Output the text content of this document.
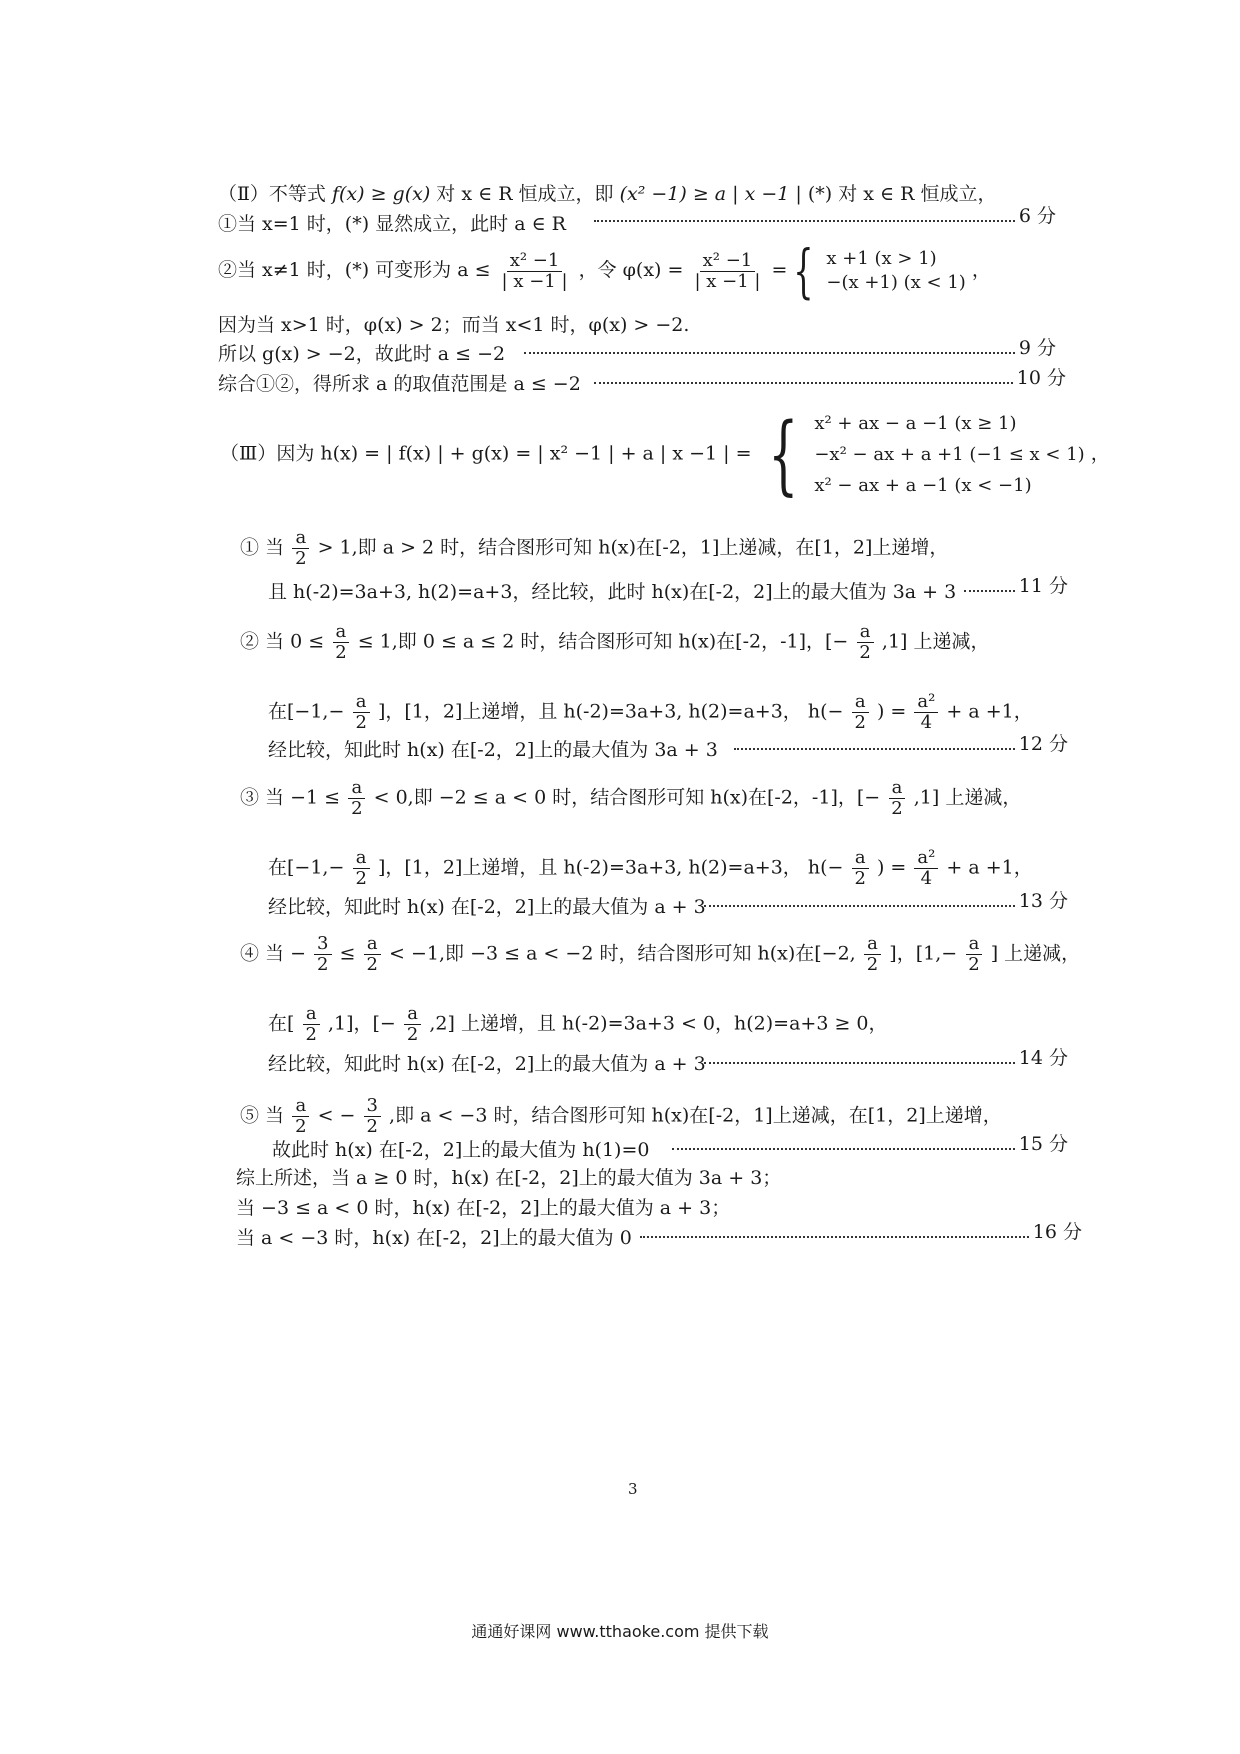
（Ⅱ）不等式 f(x) ≥ g(x) 对 x ∈ R 恒成立，即 (x² −1) ≥ a | x −1 | (*) 对 x ∈ R 恒成立，
6 分
①当 x=1 时，(*) 显然成立，此时 a ∈ R
②当 x≠1 时，(*) 可变形为 $a \le \frac{\text{x² −1}}{| x -1 |}$ ，令 $\varphi(x) = \frac{\text{x² −1}}{| x -1 |}$ = { x +1 (x > 1)
−(x +1) (x < 1)
，
因为当 x>1 时，φ(x) > 2；而当 x<1 时，φ(x) > −2.
所以 g(x) > −2，故此时 a ≤ −2	9 分
综合①②，得所求 a 的取值范围是 a ≤ −2	10 分
（Ⅲ）因为 h(x) = | f(x) | + g(x) = | x² −1 | + a | x −1 | = { x² + ax − a −1 (x ≥ 1)
−x² − ax + a +1 (−1 ≤ x < 1)
x² − ax + a −1 (x < −1)
，
① 当 $\frac{a}{2} > 1$,即 a > 2 时，结合图形可知 h(x)在[-2，1]上递减，在[1，2]上递增，
且 h(-2)=3a+3, h(2)=a+3，经比较，此时 h(x)在[-2，2]上的最大值为 3a + 3	11 分
② 当 $0 \le \frac{a}{2} \le 1$,即 0 ≤ a ≤ 2 时，结合图形可知 h(x)在[-2，-1]，[− $\frac{a}{2} ,1$] 上递减，
在[$-1,- \frac{a}{2}$ ]，[1，2]上递增，且 h(-2)=3a+3, h(2)=a+3， $h(- \frac{a}{2}$ ) = $\frac{\text{a²}}{4} + a +1$，
经比较，知此时 h(x) 在[-2，2]上的最大值为 3a + 3	12 分
③ 当 $-1 \le \frac{a}{2} < 0$,即 −2 ≤ a < 0 时，结合图形可知 h(x)在[-2，-1]，[− $\frac{a}{2} ,1$] 上递减，
在[$-1,- \frac{a}{2}$ ]，[1，2]上递增，且 h(-2)=3a+3, h(2)=a+3， $h(- \frac{a}{2}$ ) = $\frac{\text{a²}}{4} + a +1$，
经比较，知此时 h(x) 在[-2，2]上的最大值为 a + 3	13 分
④ 当 − $\frac{3}{2} \le \frac{a}{2} < -1$,即 −3 ≤ a < −2 时，结合图形可知 h(x)在[−2, $\frac{a}{2}$ ]，[$1,- \frac{a}{2}$ ] 上递减，
在[ $\frac{a}{2} ,1$]，[− $\frac{a}{2} ,2$] 上递增，且 h(-2)=3a+3 < 0，h(2)=a+3 ≥ 0，
经比较，知此时 h(x) 在[-2，2]上的最大值为 a + 3	14 分
⑤ 当 $\frac{a}{2}$ < − $\frac{3}{2}$ ,即 a < −3 时，结合图形可知 h(x)在[-2，1]上递减，在[1，2]上递增，
故此时 h(x) 在[-2，2]上的最大值为 h(1)=0	15 分
综上所述，当 a ≥ 0 时，h(x) 在[-2，2]上的最大值为 3a + 3；
当 −3 ≤ a < 0 时，h(x) 在[-2，2]上的最大值为 a + 3；
当 a < −3 时，h(x) 在[-2，2]上的最大值为 0	16 分
3
通通好课网 www.tthaoke.com 提供下载
